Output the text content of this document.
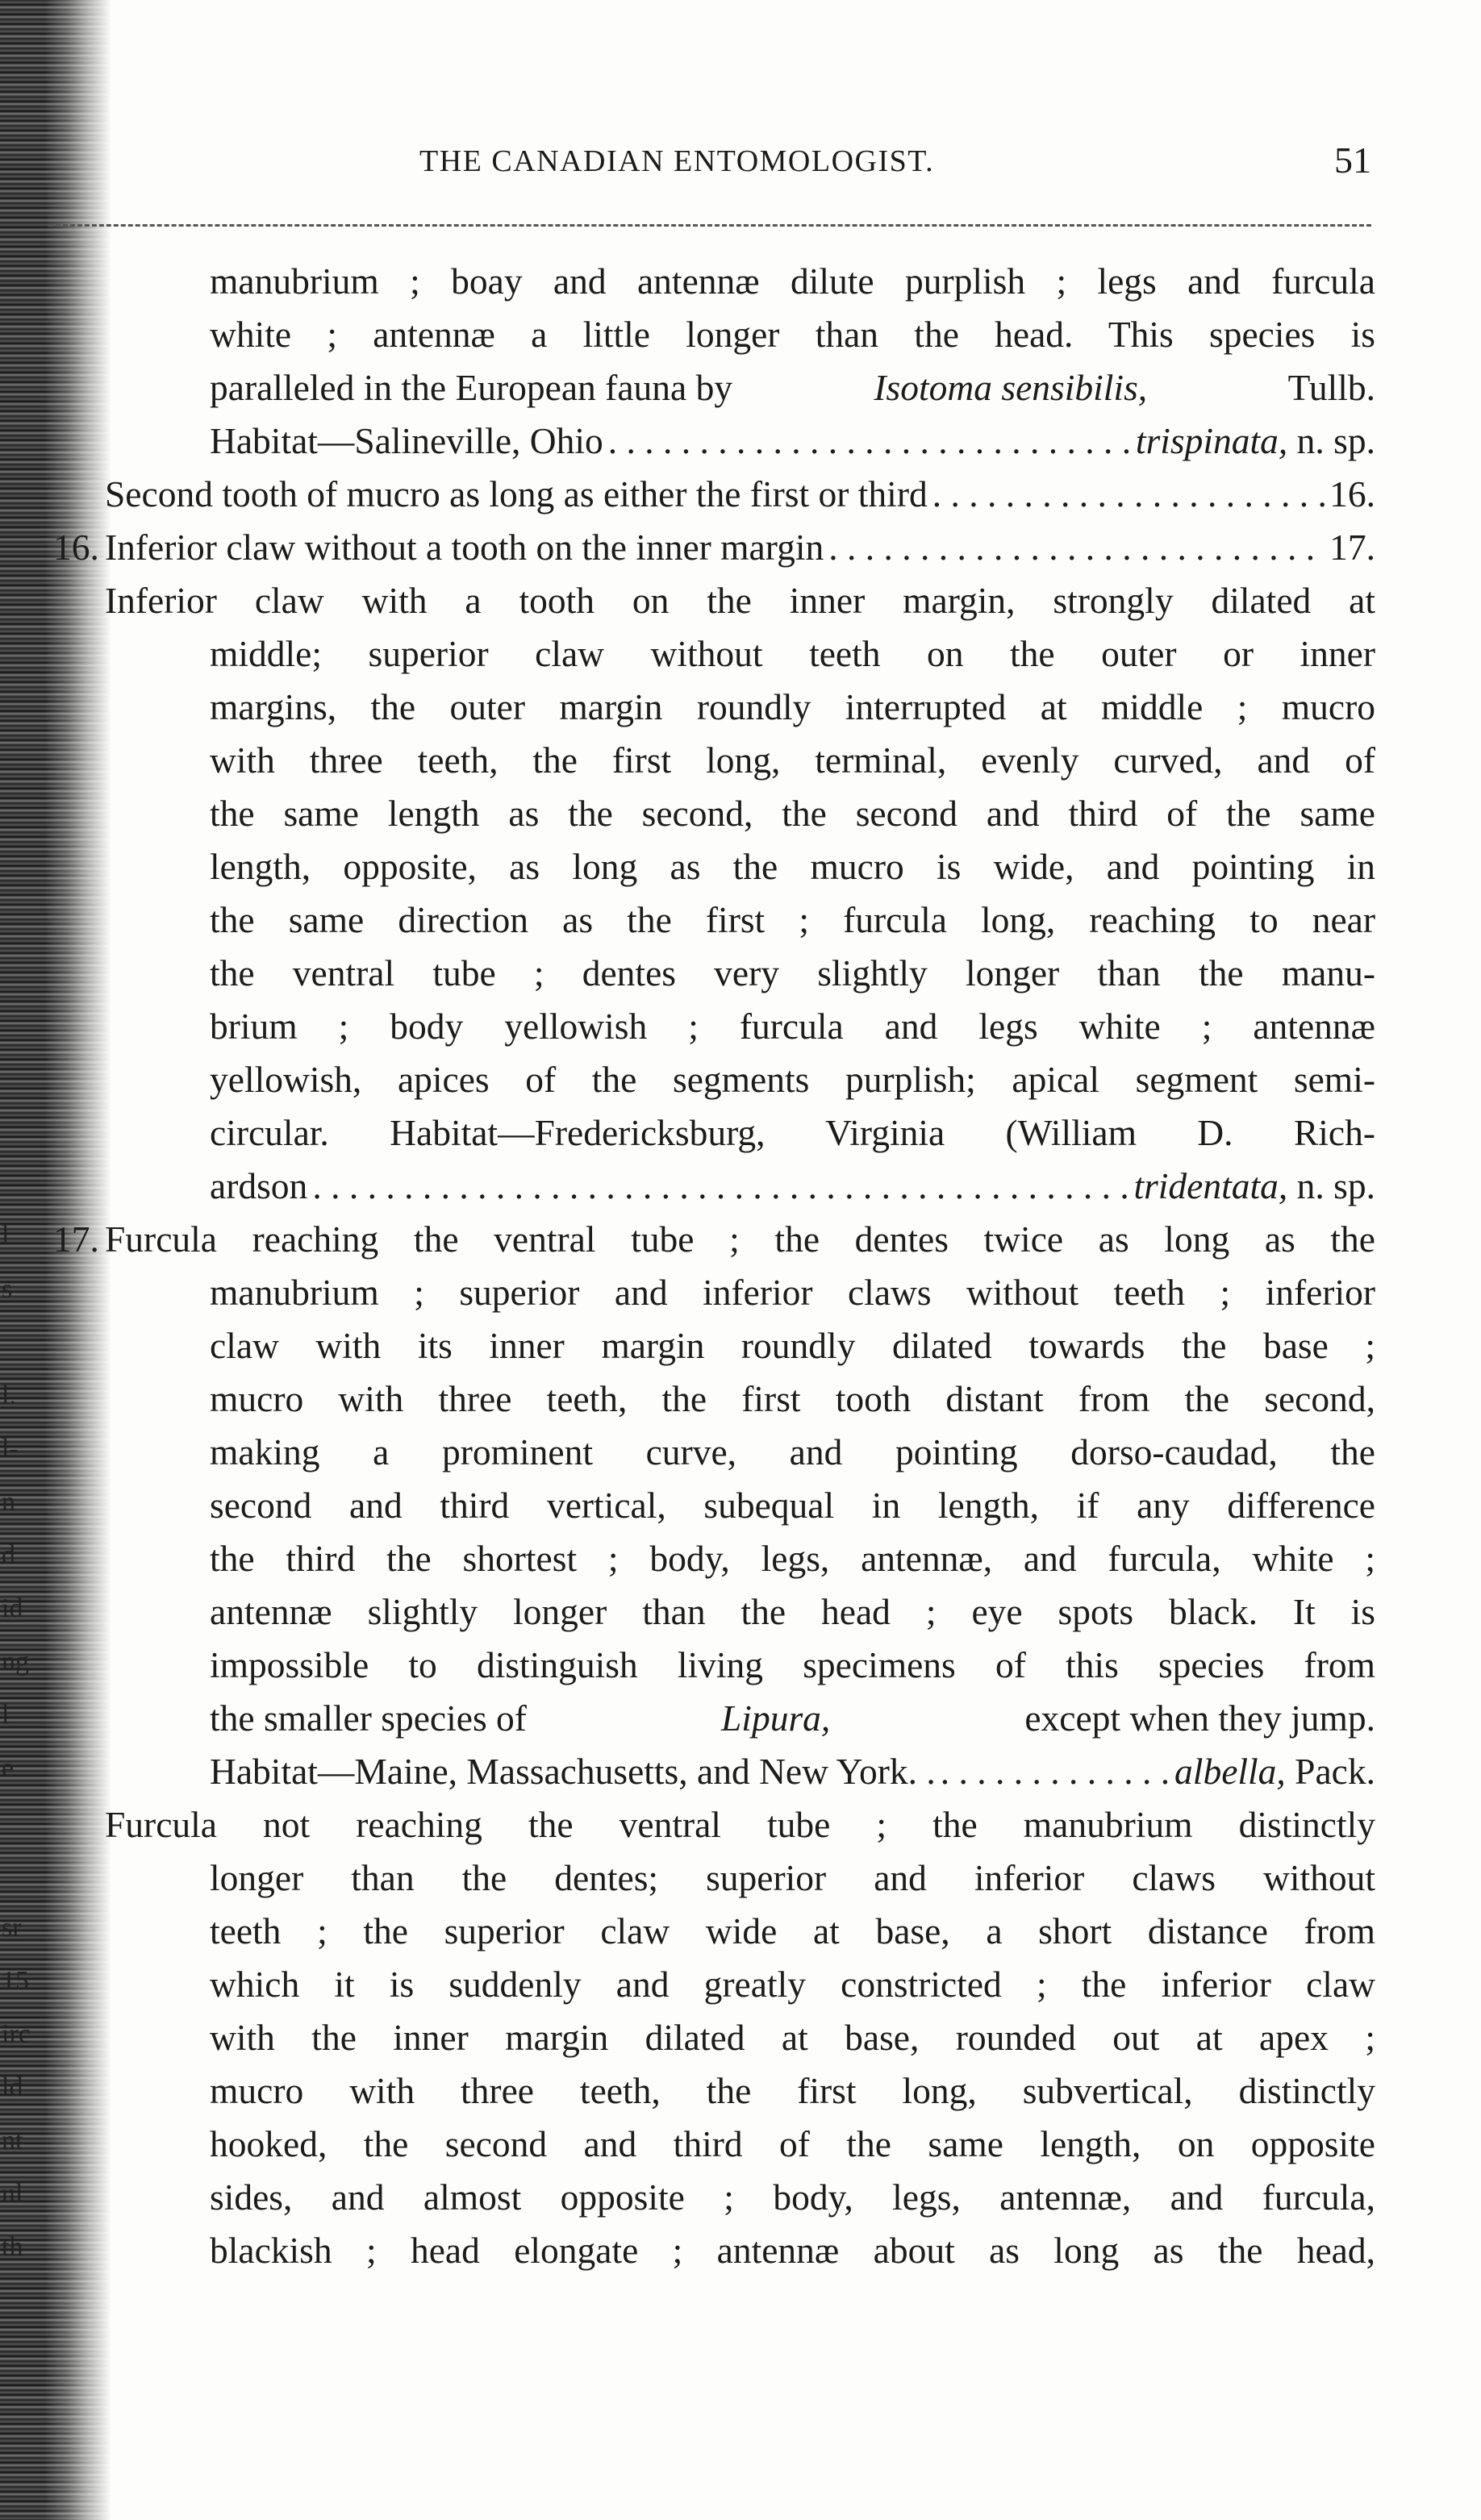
l
s

l.
l-
n
d
id
ng
l
e

sr
15
irc
ld
nt
ul
th
THE CANADIAN ENTOMOLOGIST.	51
manubrium ; boay and antennæ dilute purplish ; legs and furcula
white ; antennæ a little longer than the head. This species is
paralleled in the European fauna by	Isotoma sensibilis,	Tullb.
Habitat—Salineville, Ohio . . .	trispinata, n. sp.
Second tooth of mucro as long as either the first or third . . .	16.
16. Inferior claw without a tooth on the inner margin . . .	17.
Inferior claw with a tooth on the inner margin, strongly dilated at
middle; superior claw without teeth on the outer or inner
margins, the outer margin roundly interrupted at middle ; mucro
with three teeth, the first long, terminal, evenly curved, and of
the same length as the second, the second and third of the same
length, opposite, as long as the mucro is wide, and pointing in
the same direction as the first ; furcula long, reaching to near
the ventral tube ; dentes very slightly longer than the manu-
brium ; body yellowish ; furcula and legs white ; antennæ
yellowish, apices of the segments purplish; apical segment semi-
circular. Habitat—Fredericksburg, Virginia (William D. Rich-
ardson . . .	tridentata, n. sp.
17. Furcula reaching the ventral tube ; the dentes twice as long as the
manubrium ; superior and inferior claws without teeth ; inferior
claw with its inner margin roundly dilated towards the base ;
mucro with three teeth, the first tooth distant from the second,
making a prominent curve, and pointing dorso-caudad, the
second and third vertical, subequal in length, if any difference
the third the shortest ; body, legs, antennæ, and furcula, white ;
antennæ slightly longer than the head ; eye spots black. It is
impossible to distinguish living specimens of this species from
the smaller species of	Lipura,	except when they jump.
Habitat—Maine, Massachusetts, and New York. . . . .	albella, Pack.
Furcula not reaching the ventral tube ; the manubrium distinctly
longer than the dentes; superior and inferior claws without
teeth ; the superior claw wide at base, a short distance from
which it is suddenly and greatly constricted ; the inferior claw
with the inner margin dilated at base, rounded out at apex ;
mucro with three teeth, the first long, subvertical, distinctly
hooked, the second and third of the same length, on opposite
sides, and almost opposite ; body, legs, antennæ, and furcula,
blackish ; head elongate ; antennæ about as long as the head,
